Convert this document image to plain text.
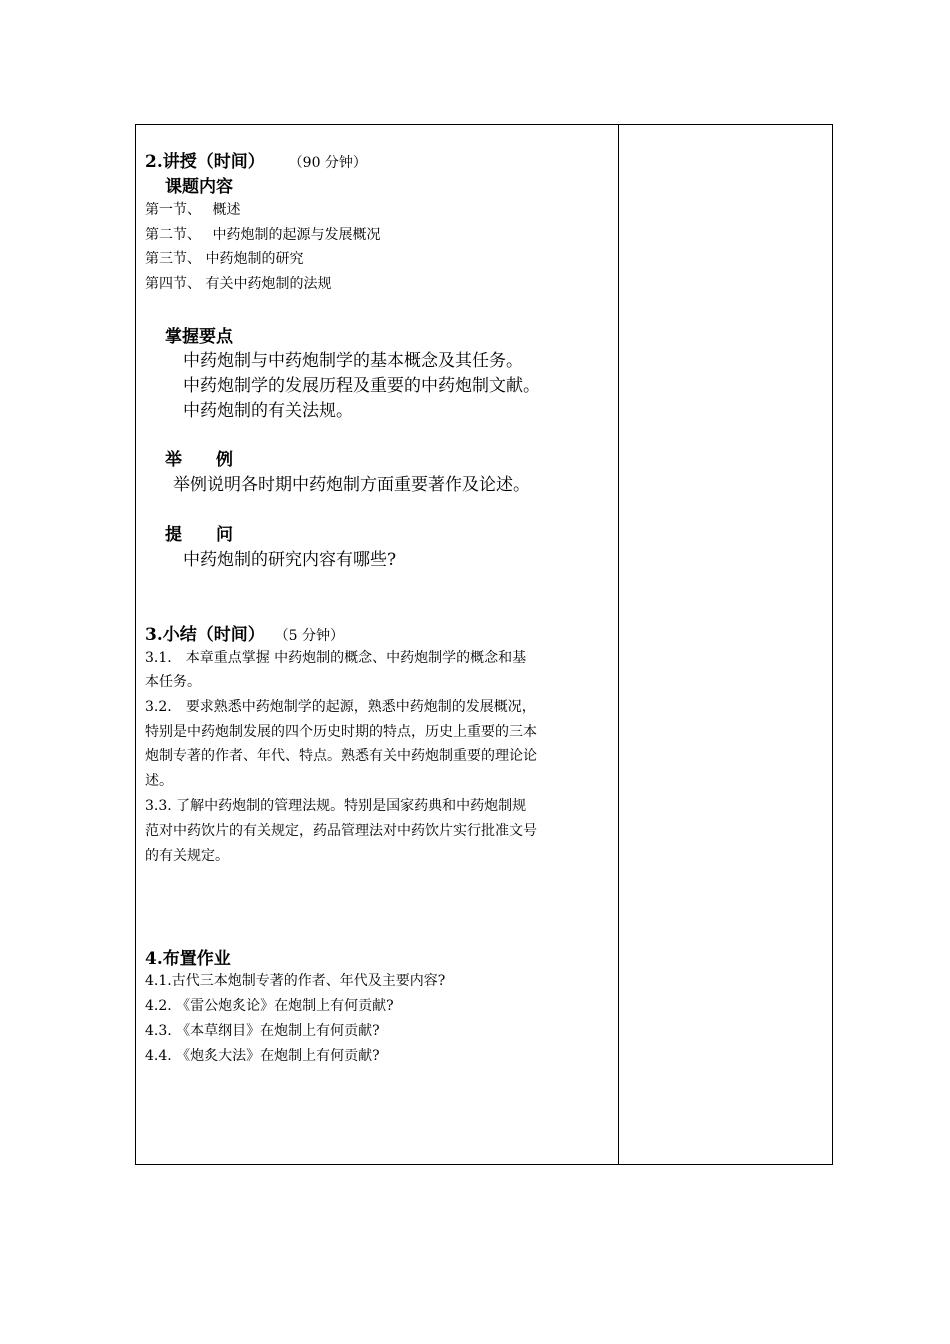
2.讲授（时间） （90 分钟）
课题内容
第一节、　 概述
第二节、　 中药炮制的起源与发展概况
第三节、 中药炮制的研究
第四节、 有关中药炮制的法规
掌握要点
中药炮制与中药炮制学的基本概念及其任务。
中药炮制学的发展历程及重要的中药炮制文献。
中药炮制的有关法规。
举　　例
举例说明各时期中药炮制方面重要著作及论述。
提　　问
中药炮制的研究内容有哪些?
3.小结（时间） （5 分钟）
3.1.　本章重点掌握 中药炮制的概念、中药炮制学的概念和基
本任务。
3.2.　要求熟悉中药炮制学的起源，熟悉中药炮制的发展概况，
特别是中药炮制发展的四个历史时期的特点，历史上重要的三本
炮制专著的作者、年代、特点。熟悉有关中药炮制重要的理论论
述。
3.3. 了解中药炮制的管理法规。特别是国家药典和中药炮制规
范对中药饮片的有关规定，药品管理法对中药饮片实行批准文号
的有关规定。
4.布置作业
4.1.古代三本炮制专著的作者、年代及主要内容?
4.2. 《雷公炮炙论》在炮制上有何贡献?
4.3. 《本草纲目》在炮制上有何贡献?
4.4. 《炮炙大法》在炮制上有何贡献?
